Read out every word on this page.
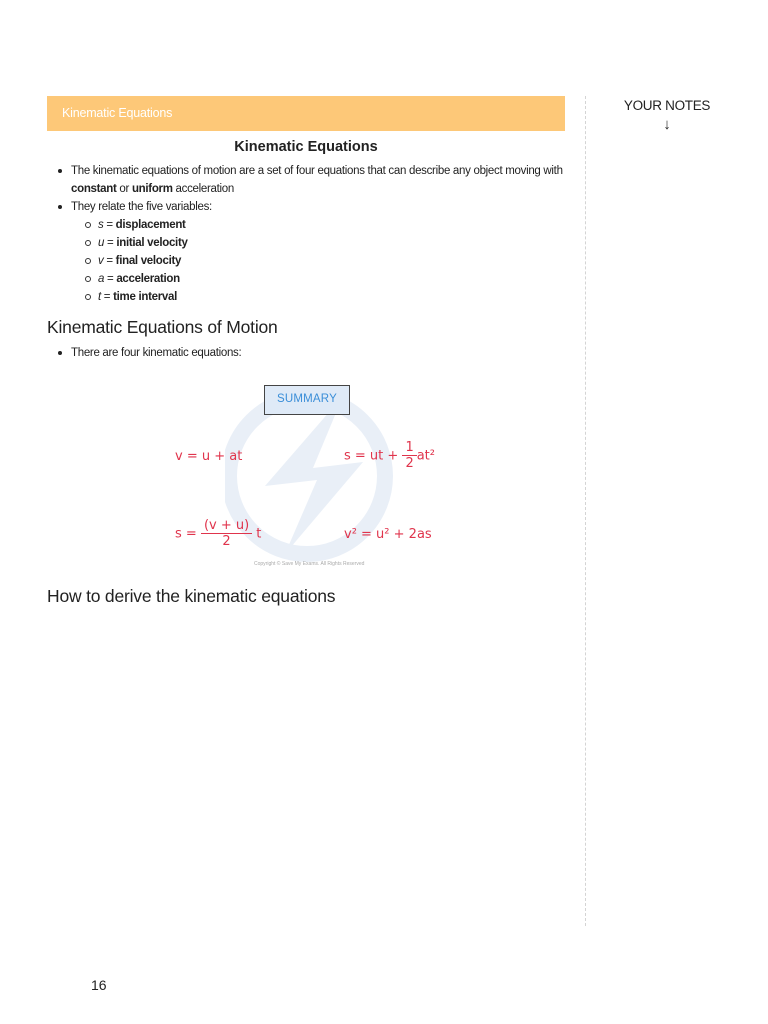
Kinematic Equations	YOUR NOTES
↓
Kinematic Equations
The kinematic equations of motion are a set of four equations that can describe any object moving with constant or uniform acceleration
They relate the five variables:
s = displacement
u = initial velocity
v = final velocity
a = acceleration
t = time interval
Kinematic Equations of Motion
There are four kinematic equations:
SUMMARY
v = u + at	s = ut + $\frac{1}{2} at^2$
$s = \frac{(v + u)}{2}$ t	v² = u² + 2as
Copyright © Save My Exams. All Rights Reserved
How to derive the kinematic equations
16
